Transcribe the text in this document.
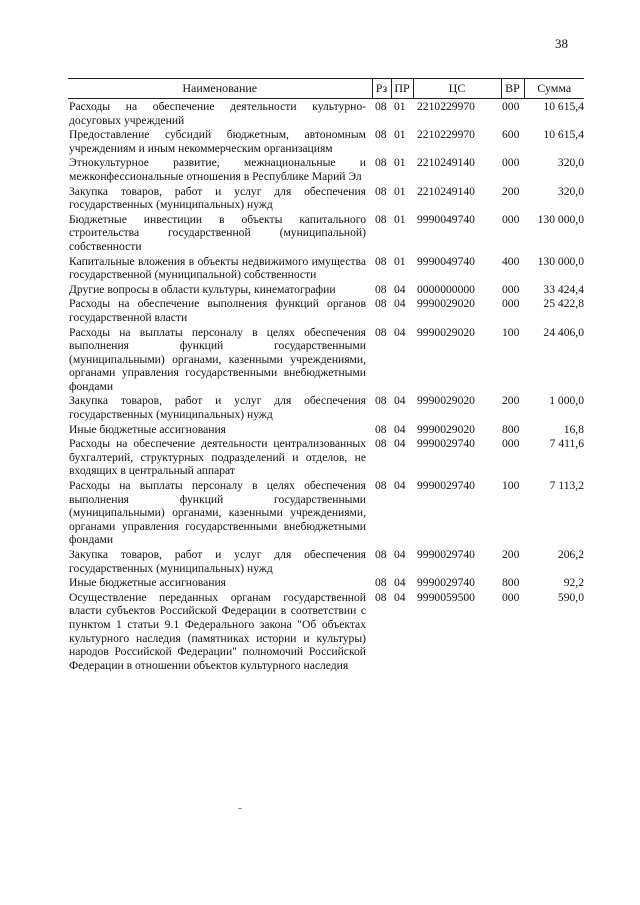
38
Наименование	Рз	ПР	ЦС	ВР	Сумма
Расходы на обеспечение деятельности культурно-досуговых учреждений	08	01	2210229970	000	10 615,4
Предоставление субсидий бюджетным, автономным учреждениям и иным некоммерческим организациям	08	01	2210229970	600	10 615,4
Этнокультурное развитие, межнациональные и межконфессиональные отношения в Республике Марий Эл	08	01	2210249140	000	320,0
Закупка товаров, работ и услуг для обеспечения государственных (муниципальных) нужд	08	01	2210249140	200	320,0
Бюджетные инвестиции в объекты капитального строительства государственной (муниципальной) собственности	08	01	9990049740	000	130 000,0
Капитальные вложения в объекты недвижимого имущества государственной (муниципальной) собственности	08	01	9990049740	400	130 000,0
Другие вопросы в области культуры, кинематографии	08	04	0000000000	000	33 424,4
Расходы на обеспечение выполнения функций органов государственной власти	08	04	9990029020	000	25 422,8
Расходы на выплаты персоналу в целях обеспечения выполнения функций государственными (муниципальными) органами, казенными учреждениями, органами управления государственными внебюджетными фондами	08	04	9990029020	100	24 406,0
Закупка товаров, работ и услуг для обеспечения государственных (муниципальных) нужд	08	04	9990029020	200	1 000,0
Иные бюджетные ассигнования	08	04	9990029020	800	16,8
Расходы на обеспечение деятельности централизованных бухгалтерий, структурных подразделений и отделов, не входящих в центральный аппарат	08	04	9990029740	000	7 411,6
Расходы на выплаты персоналу в целях обеспечения выполнения функций государственными (муниципальными) органами, казенными учреждениями, органами управления государственными внебюджетными фондами	08	04	9990029740	100	7 113,2
Закупка товаров, работ и услуг для обеспечения государственных (муниципальных) нужд	08	04	9990029740	200	206,2
Иные бюджетные ассигнования	08	04	9990029740	800	92,2
Осуществление переданных органам государственной власти субъектов Российской Федерации в соответствии с пунктом 1 статьи 9.1 Федерального закона "Об объектах культурного наследия (памятниках истории и культуры) народов Российской Федерации" полномочий Российской Федерации в отношении объектов культурного наследия	08	04	9990059500	000	590,0
